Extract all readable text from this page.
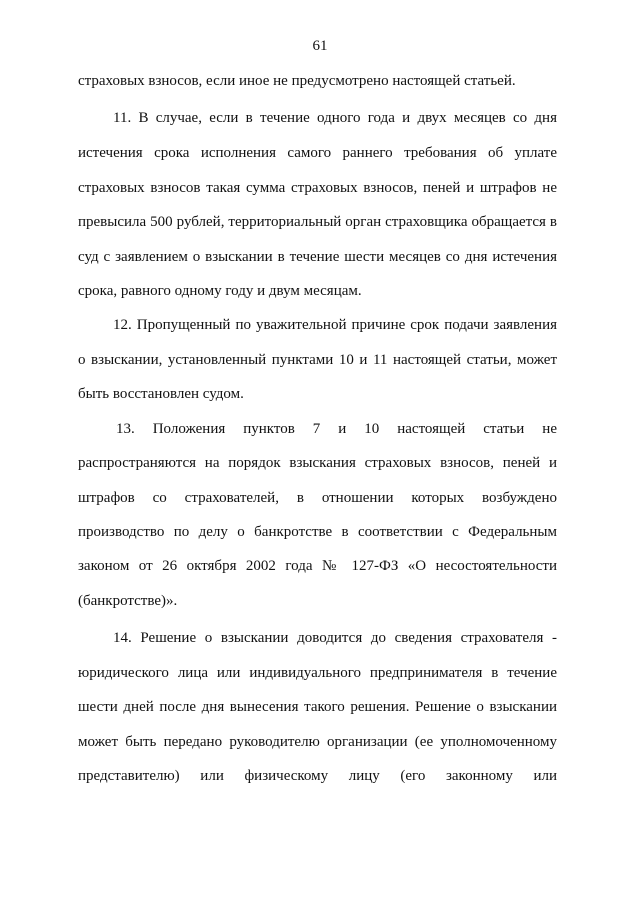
61
страховых взносов, если иное не предусмотрено настоящей статьей.
11. В случае, если в течение одного года и двух месяцев со дня
истечения срока исполнения самого раннего требования об уплате
страховых взносов такая сумма страховых взносов, пеней и штрафов не
превысила 500 рублей, территориальный орган страховщика обращается в
суд с заявлением о взыскании в течение шести месяцев со дня истечения
срока, равного одному году и двум месяцам.
12. Пропущенный по уважительной причине срок подачи заявления
о взыскании, установленный пунктами 10 и 11 настоящей статьи, может
быть восстановлен судом.
13. Положения пунктов 7 и 10 настоящей статьи не
распространяются на порядок взыскания страховых взносов, пеней и
штрафов со страхователей, в отношении которых возбуждено
производство по делу о банкротстве в соответствии с Федеральным
законом от 26 октября 2002 года № 127-ФЗ «О несостоятельности
(банкротстве)».
14. Решение о взыскании доводится до сведения страхователя -
юридического лица или индивидуального предпринимателя в течение
шести дней после дня вынесения такого решения. Решение о взыскании
может быть передано руководителю организации (ее уполномоченному
представителю) или физическому лицу (его законному или
